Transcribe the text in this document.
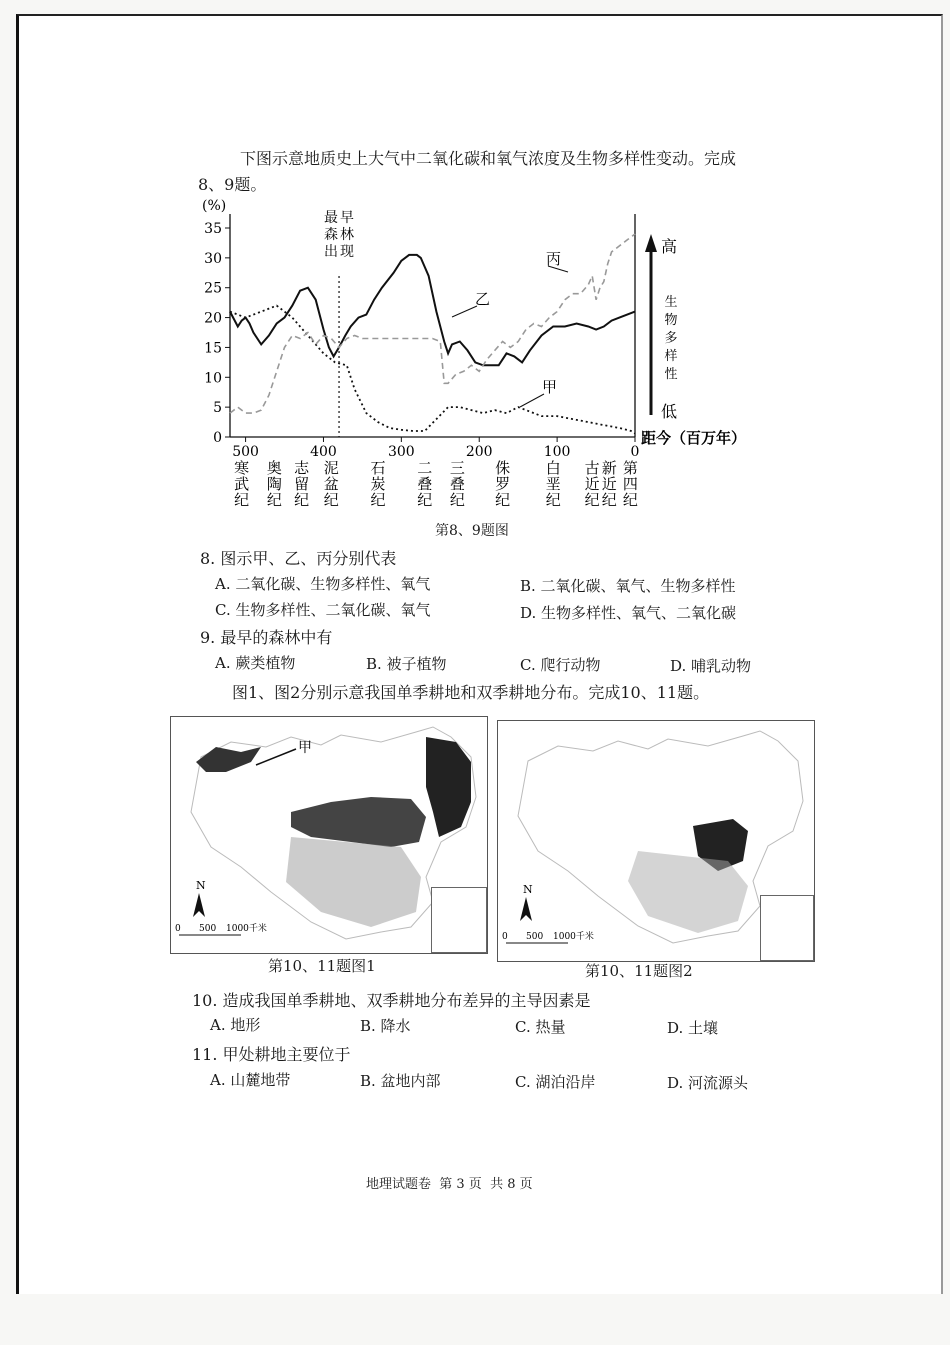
下图示意地质史上大气中二氧化碳和氧气浓度及生物多样性变动。完成
8、9题。
(%)
0
5
10
15
20
25
30
35
500	400	300	200	100	0
寒武纪
奥陶纪
志留纪
泥盆纪
石炭纪
二叠纪
三叠纪
侏罗纪
白垩纪
古近纪
新近纪
第四纪
最 早森 林出 现
甲
乙
丙
高
生物多样性
低
距今（百万年）
第8、9题图
8. 图示甲、乙、丙分别代表
A. 二氧化碳、生物多样性、氧气	B. 二氧化碳、氧气、生物多样性
C. 生物多样性、二氧化碳、氧气	D. 生物多样性、氧气、二氧化碳
9. 最早的森林中有
A. 蕨类植物	B. 被子植物	C. 爬行动物	D. 哺乳动物
图1、图2分别示意我国单季耕地和双季耕地分布。完成10、11题。
甲
N
0 500 1000千米
第10、11题图1
N
0 500 1000千米
第10、11题图2
10. 造成我国单季耕地、双季耕地分布差异的主导因素是
A. 地形	B. 降水	C. 热量	D. 土壤
11. 甲处耕地主要位于
A. 山麓地带	B. 盆地内部	C. 湖泊沿岸	D. 河流源头
地理试题卷  第 3 页  共 8 页
